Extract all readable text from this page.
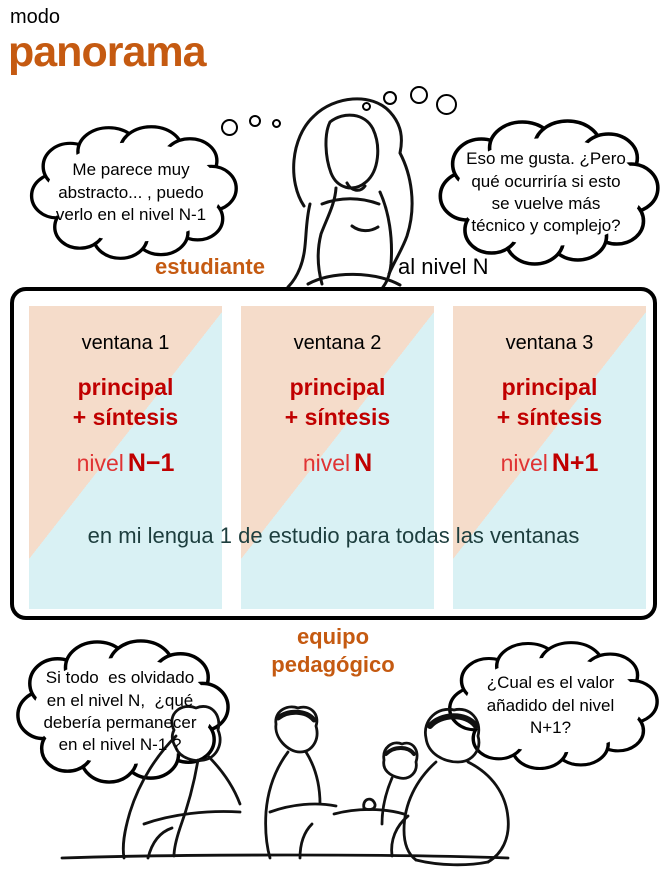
modo
panorama
Me parece muy
abstracto... , puedo
verlo en el nivel N-1
Eso me gusta. ¿Pero
qué ocurriría si esto
se vuelve más
técnico y complejo?
estudiante	al nivel N
ventana 1
principal
+ síntesis
nivel N−1
ventana 2
principal
+ síntesis
nivel N
ventana 3
principal
+ síntesis
nivel N+1
en mi lengua 1 de estudio para todas las ventanas
equipo
pedagógico
Si todo  es olvidado
en el nivel N,  ¿qué
debería permanecer
en el nivel N-1 ?
¿Cual es el valor
añadido del nivel
N+1?
